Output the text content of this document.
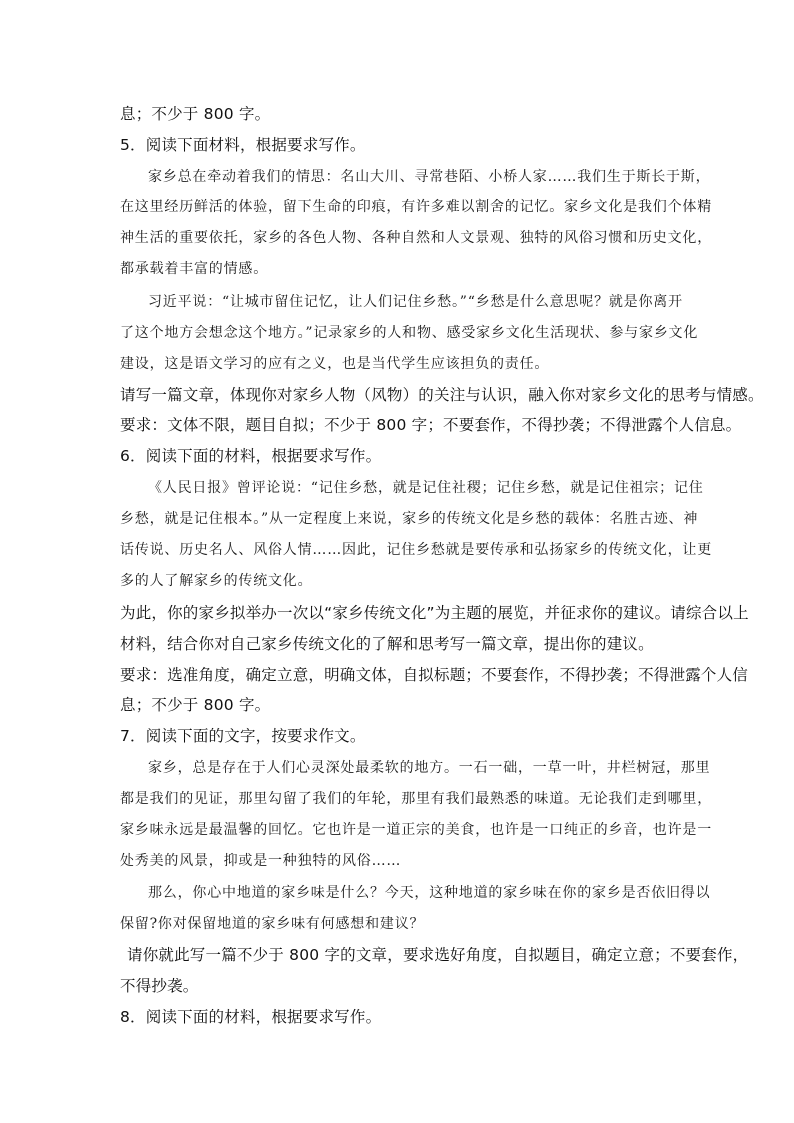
息；不少于 800 字。
5．阅读下面材料，根据要求写作。
家乡总在牵动着我们的情思：名山大川、寻常巷陌、小桥人家……我们生于斯长于斯，
在这里经历鲜活的体验，留下生命的印痕，有许多难以割舍的记忆。家乡文化是我们个体精
神生活的重要依托，家乡的各色人物、各种自然和人文景观、独特的风俗习惯和历史文化，
都承载着丰富的情感。
习近平说：“让城市留住记忆，让人们记住乡愁。”“乡愁是什么意思呢？就是你离开
了这个地方会想念这个地方。”记录家乡的人和物、感受家乡文化生活现状、参与家乡文化
建设，这是语文学习的应有之义，也是当代学生应该担负的责任。
请写一篇文章，体现你对家乡人物（风物）的关注与认识，融入你对家乡文化的思考与情感。
要求：文体不限，题目自拟；不少于 800 字；不要套作，不得抄袭；不得泄露个人信息。
6．阅读下面的材料，根据要求写作。
《人民日报》曾评论说：“记住乡愁，就是记住社稷；记住乡愁，就是记住祖宗；记住
乡愁，就是记住根本。”从一定程度上来说，家乡的传统文化是乡愁的载体：名胜古迹、神
话传说、历史名人、风俗人情……因此，记住乡愁就是要传承和弘扬家乡的传统文化，让更
多的人了解家乡的传统文化。
为此，你的家乡拟举办一次以“家乡传统文化”为主题的展览，并征求你的建议。请综合以上
材料，结合你对自己家乡传统文化的了解和思考写一篇文章，提出你的建议。
要求：选准角度，确定立意，明确文体，自拟标题；不要套作，不得抄袭；不得泄露个人信
息；不少于 800 字。
7．阅读下面的文字，按要求作文。
家乡，总是存在于人们心灵深处最柔软的地方。一石一础，一草一叶，井栏树冠，那里
都是我们的见证，那里勾留了我们的年轮，那里有我们最熟悉的味道。无论我们走到哪里，
家乡味永远是最温馨的回忆。它也许是一道正宗的美食，也许是一口纯正的乡音，也许是一
处秀美的风景，抑或是一种独特的风俗……
那么，你心中地道的家乡味是什么？今天，这种地道的家乡味在你的家乡是否依旧得以
保留?你对保留地道的家乡味有何感想和建议？
请你就此写一篇不少于 800 字的文章，要求选好角度，自拟题目，确定立意；不要套作，
不得抄袭。
8．阅读下面的材料，根据要求写作。
